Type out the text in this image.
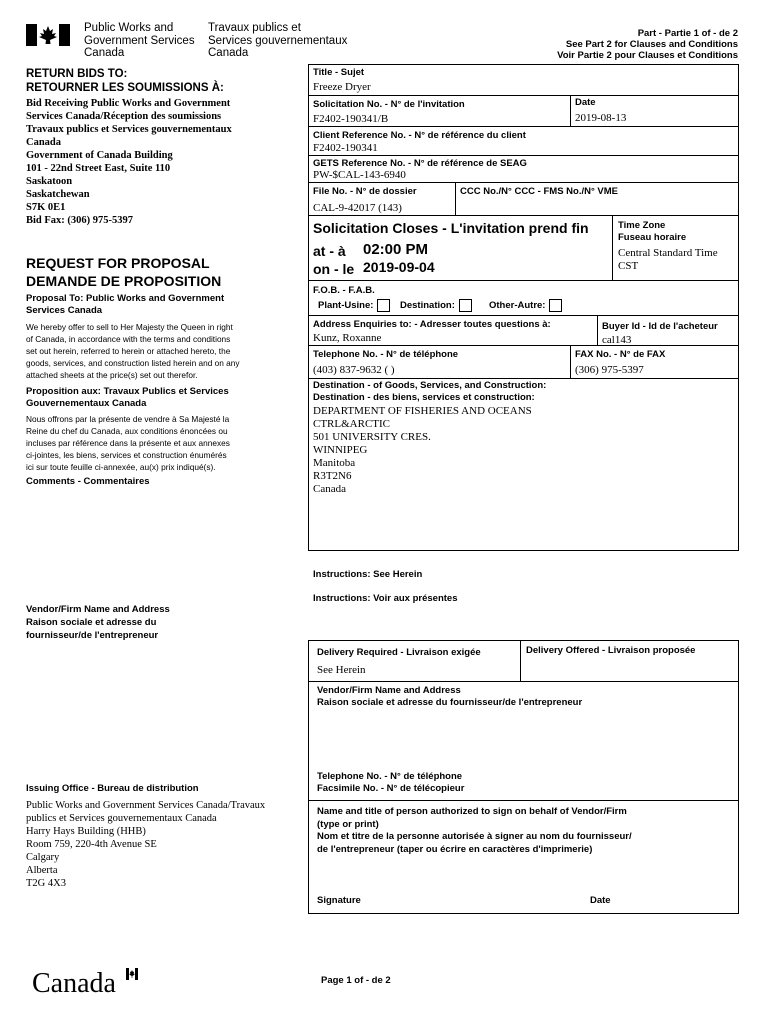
Public Works and
Government Services
Canada
Travaux publics et
Services gouvernementaux
Canada
Part - Partie 1 of - de 2
See Part 2 for Clauses and Conditions
Voir Partie 2 pour Clauses et Conditions
RETURN BIDS TO:
RETOURNER LES SOUMISSIONS À:
Bid Receiving Public Works and Government
Services Canada/Réception des soumissions
Travaux publics et Services gouvernementaux
Canada
Government of Canada Building
101 - 22nd Street East, Suite 110
Saskatoon
Saskatchewan
S7K 0E1
Bid Fax: (306) 975-5397
REQUEST FOR PROPOSAL
DEMANDE DE PROPOSITION
Proposal To: Public Works and Government
Services Canada
We hereby offer to sell to Her Majesty the Queen in right
of Canada, in accordance with the terms and conditions
set out herein, referred to herein or attached hereto, the
goods, services, and construction listed herein and on any
attached sheets at the price(s) set out therefor.
Proposition aux: Travaux Publics et Services
Gouvernementaux Canada
Nous offrons par la présente de vendre à Sa Majesté la
Reine du chef du Canada, aux conditions énoncées ou
incluses par référence dans la présente et aux annexes
ci-jointes, les biens, services et construction énumérés
ici sur toute feuille ci-annexée, au(x) prix indiqué(s).
Comments - Commentaires
Vendor/Firm Name and Address
Raison sociale et adresse du
fournisseur/de l'entrepreneur
Issuing Office - Bureau de distribution
Public Works and Government Services Canada/Travaux
publics et Services gouvernementaux Canada
Harry Hays Building (HHB)
Room 759, 220-4th Avenue SE
Calgary
Alberta
T2G 4X3
Canada	Page 1 of - de 2
Title - Sujet
Freeze Dryer
Solicitation No. - N° de l'invitation
F2402-190341/B
Date
2019-08-13
Client Reference No. - N° de référence du client
F2402-190341
GETS Reference No. - N° de référence de SEAG
PW-$CAL-143-6940
File No. - N° de dossier
CAL-9-42017 (143)
CCC No./N° CCC - FMS No./N° VME
Solicitation Closes - L'invitation prend fin
at - à 02:00 PM
on - le 2019-09-04
Time Zone
Fuseau horaire
Central Standard Time
CST
F.O.B. - F.A.B.
Plant-Usine:	Destination:	Other-Autre:
Address Enquiries to: - Adresser toutes questions à:
Kunz, Roxanne
Buyer Id - Id de l'acheteur
cal143
Telephone No. - N° de téléphone
(403) 837-9632 ( )
FAX No. - N° de FAX
(306) 975-5397
Destination - of Goods, Services, and Construction:
Destination - des biens, services et construction:
DEPARTMENT OF FISHERIES AND OCEANS
CTRL&ARCTIC
501 UNIVERSITY CRES.
WINNIPEG
Manitoba
R3T2N6
Canada
Instructions: See Herein
Instructions: Voir aux présentes
Delivery Required - Livraison exigée
See Herein
Delivery Offered - Livraison proposée
Vendor/Firm Name and Address
Raison sociale et adresse du fournisseur/de l'entrepreneur
Telephone No. - N° de téléphone
Facsimile No. - N° de télécopieur
Name and title of person authorized to sign on behalf of Vendor/Firm
(type or print)
Nom et titre de la personne autorisée à signer au nom du fournisseur/
de l'entrepreneur (taper ou écrire en caractères d'imprimerie)
Signature	Date
